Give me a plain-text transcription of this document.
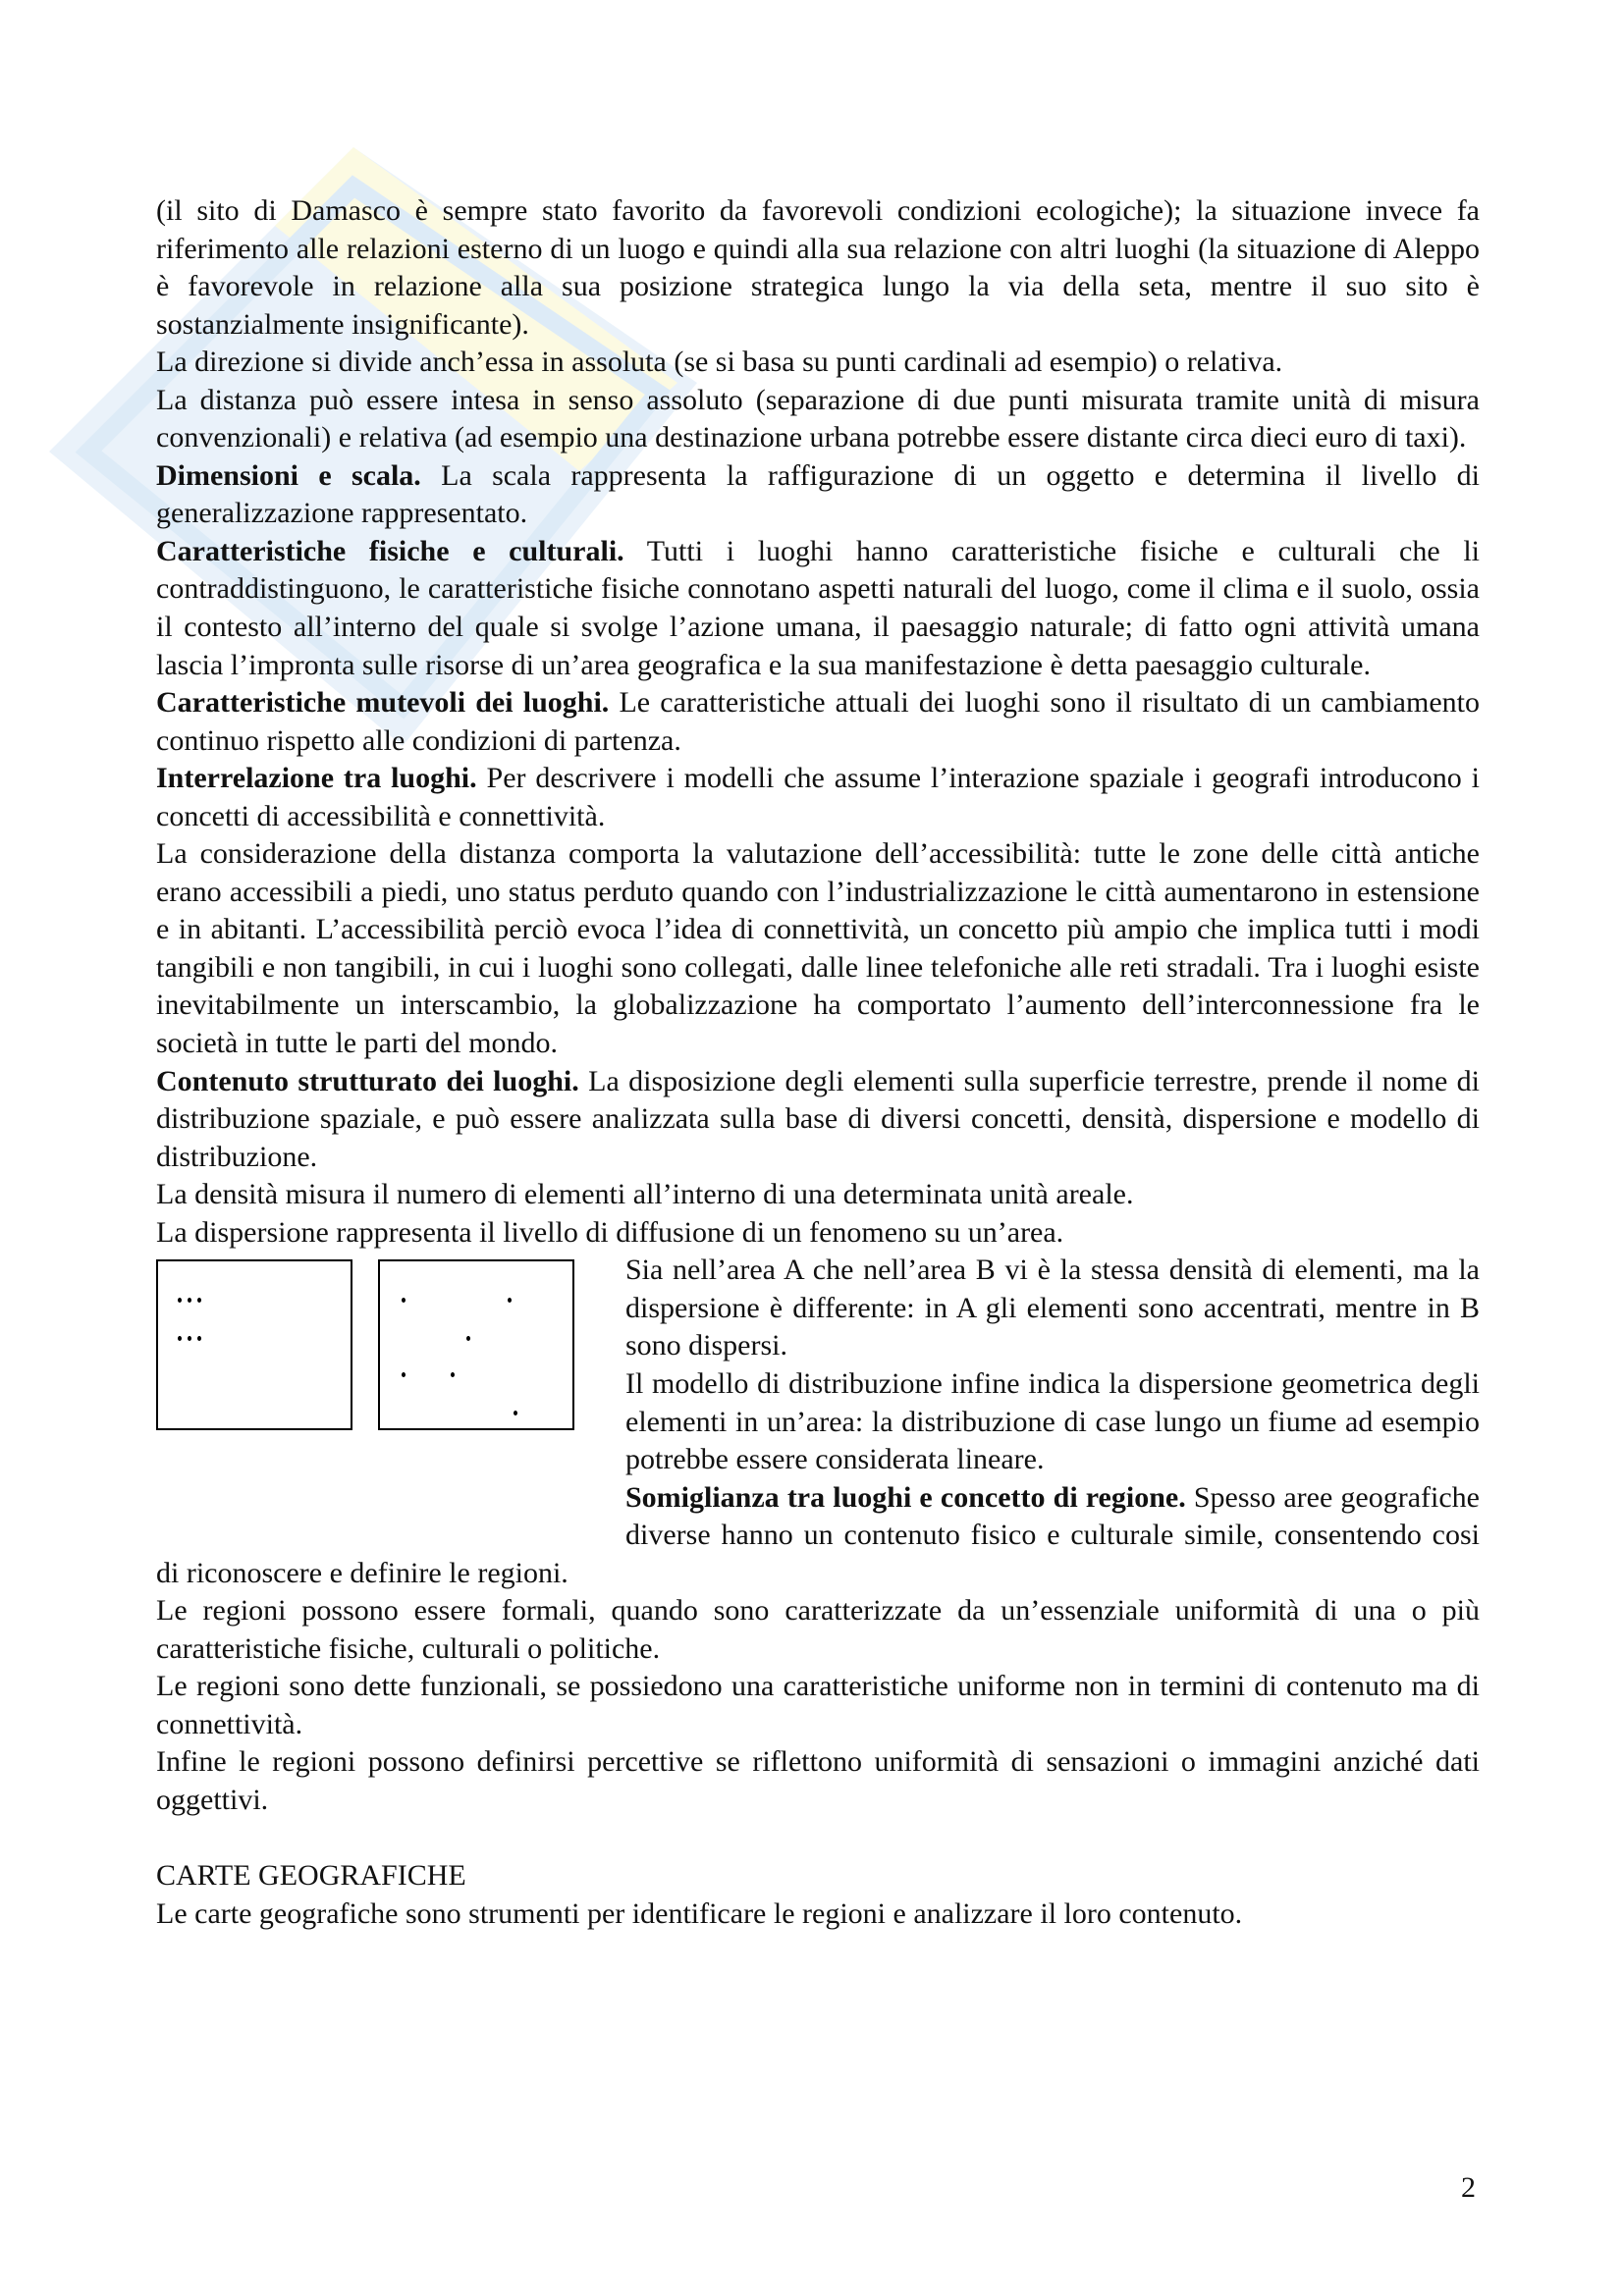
(il sito di Damasco è sempre stato favorito da favorevoli condizioni ecologiche); la situazione invece fa riferimento alle relazioni esterno di un luogo e quindi alla sua relazione con altri luoghi (la situazione di Aleppo è favorevole in relazione alla sua posizione strategica lungo la via della seta, mentre il suo sito è sostanzialmente insignificante).

La direzione si divide anch’essa in assoluta (se si basa su punti cardinali ad esempio) o relativa.

La distanza può essere intesa in senso assoluto (separazione di due punti misurata tramite unità di misura convenzionali) e relativa (ad esempio una destinazione urbana potrebbe essere distante circa dieci euro di taxi).

Dimensioni e scala. La scala rappresenta la raffigurazione di un oggetto e determina il livello di generalizzazione rappresentato.

Caratteristiche fisiche e culturali. Tutti i luoghi hanno caratteristiche fisiche e culturali che li contraddistinguono, le caratteristiche fisiche connotano aspetti naturali del luogo, come il clima e il suolo, ossia il contesto all’interno del quale si svolge l’azione umana, il paesaggio naturale; di fatto ogni attività umana lascia l’impronta sulle risorse di un’area geografica e la sua manifestazione è detta paesaggio culturale.

Caratteristiche mutevoli dei luoghi. Le caratteristiche attuali dei luoghi sono il risultato di un cambiamento continuo rispetto alle condizioni di partenza.

Interrelazione tra luoghi. Per descrivere i modelli che assume l’interazione spaziale i geografi introducono i concetti di accessibilità e connettività.

La considerazione della distanza comporta la valutazione dell’accessibilità: tutte le zone delle città antiche erano accessibili a piedi, uno status perduto quando con l’industrializzazione le città aumentarono in estensione e in abitanti. L’accessibilità perciò evoca l’idea di connettività, un concetto più ampio che implica tutti i modi tangibili e non tangibili, in cui i luoghi sono collegati, dalle linee telefoniche alle reti stradali. Tra i luoghi esiste inevitabilmente un interscambio, la globalizzazione ha comportato l’aumento dell’interconnessione fra le società in tutte le parti del mondo.

Contenuto strutturato dei luoghi. La disposizione degli elementi sulla superficie terrestre, prende il nome di distribuzione spaziale, e può essere analizzata sulla base di diversi concetti, densità, dispersione e modello di distribuzione.

La densità misura il numero di elementi all’interno di una determinata unità areale.

La dispersione rappresenta il livello di diffusione di un fenomeno su un’area.

Sia nell’area A che nell’area B vi è la stessa densità di elementi, ma la dispersione è differente: in A gli elementi sono accentrati, mentre in B sono dispersi.

Il modello di distribuzione infine indica la dispersione geometrica degli elementi in un’area: la distribuzione di case lungo un fiume ad esempio potrebbe essere considerata lineare.

Somiglianza tra luoghi e concetto di regione. Spesso aree geografiche diverse hanno un contenuto fisico e culturale simile, consentendo cosi di riconoscere e definire le regioni.

Le regioni possono essere formali, quando sono caratterizzate da un’essenziale uniformità di una o più caratteristiche fisiche, culturali o politiche.

Le regioni sono dette funzionali, se possiedono una caratteristiche uniforme non in termini di contenuto ma di connettività.

Infine le regioni possono definirsi percettive se riflettono uniformità di sensazioni o immagini anziché dati oggettivi.

CARTE GEOGRAFICHE

Le carte geografiche sono strumenti per identificare le regioni e analizzare il loro contenuto.

2
